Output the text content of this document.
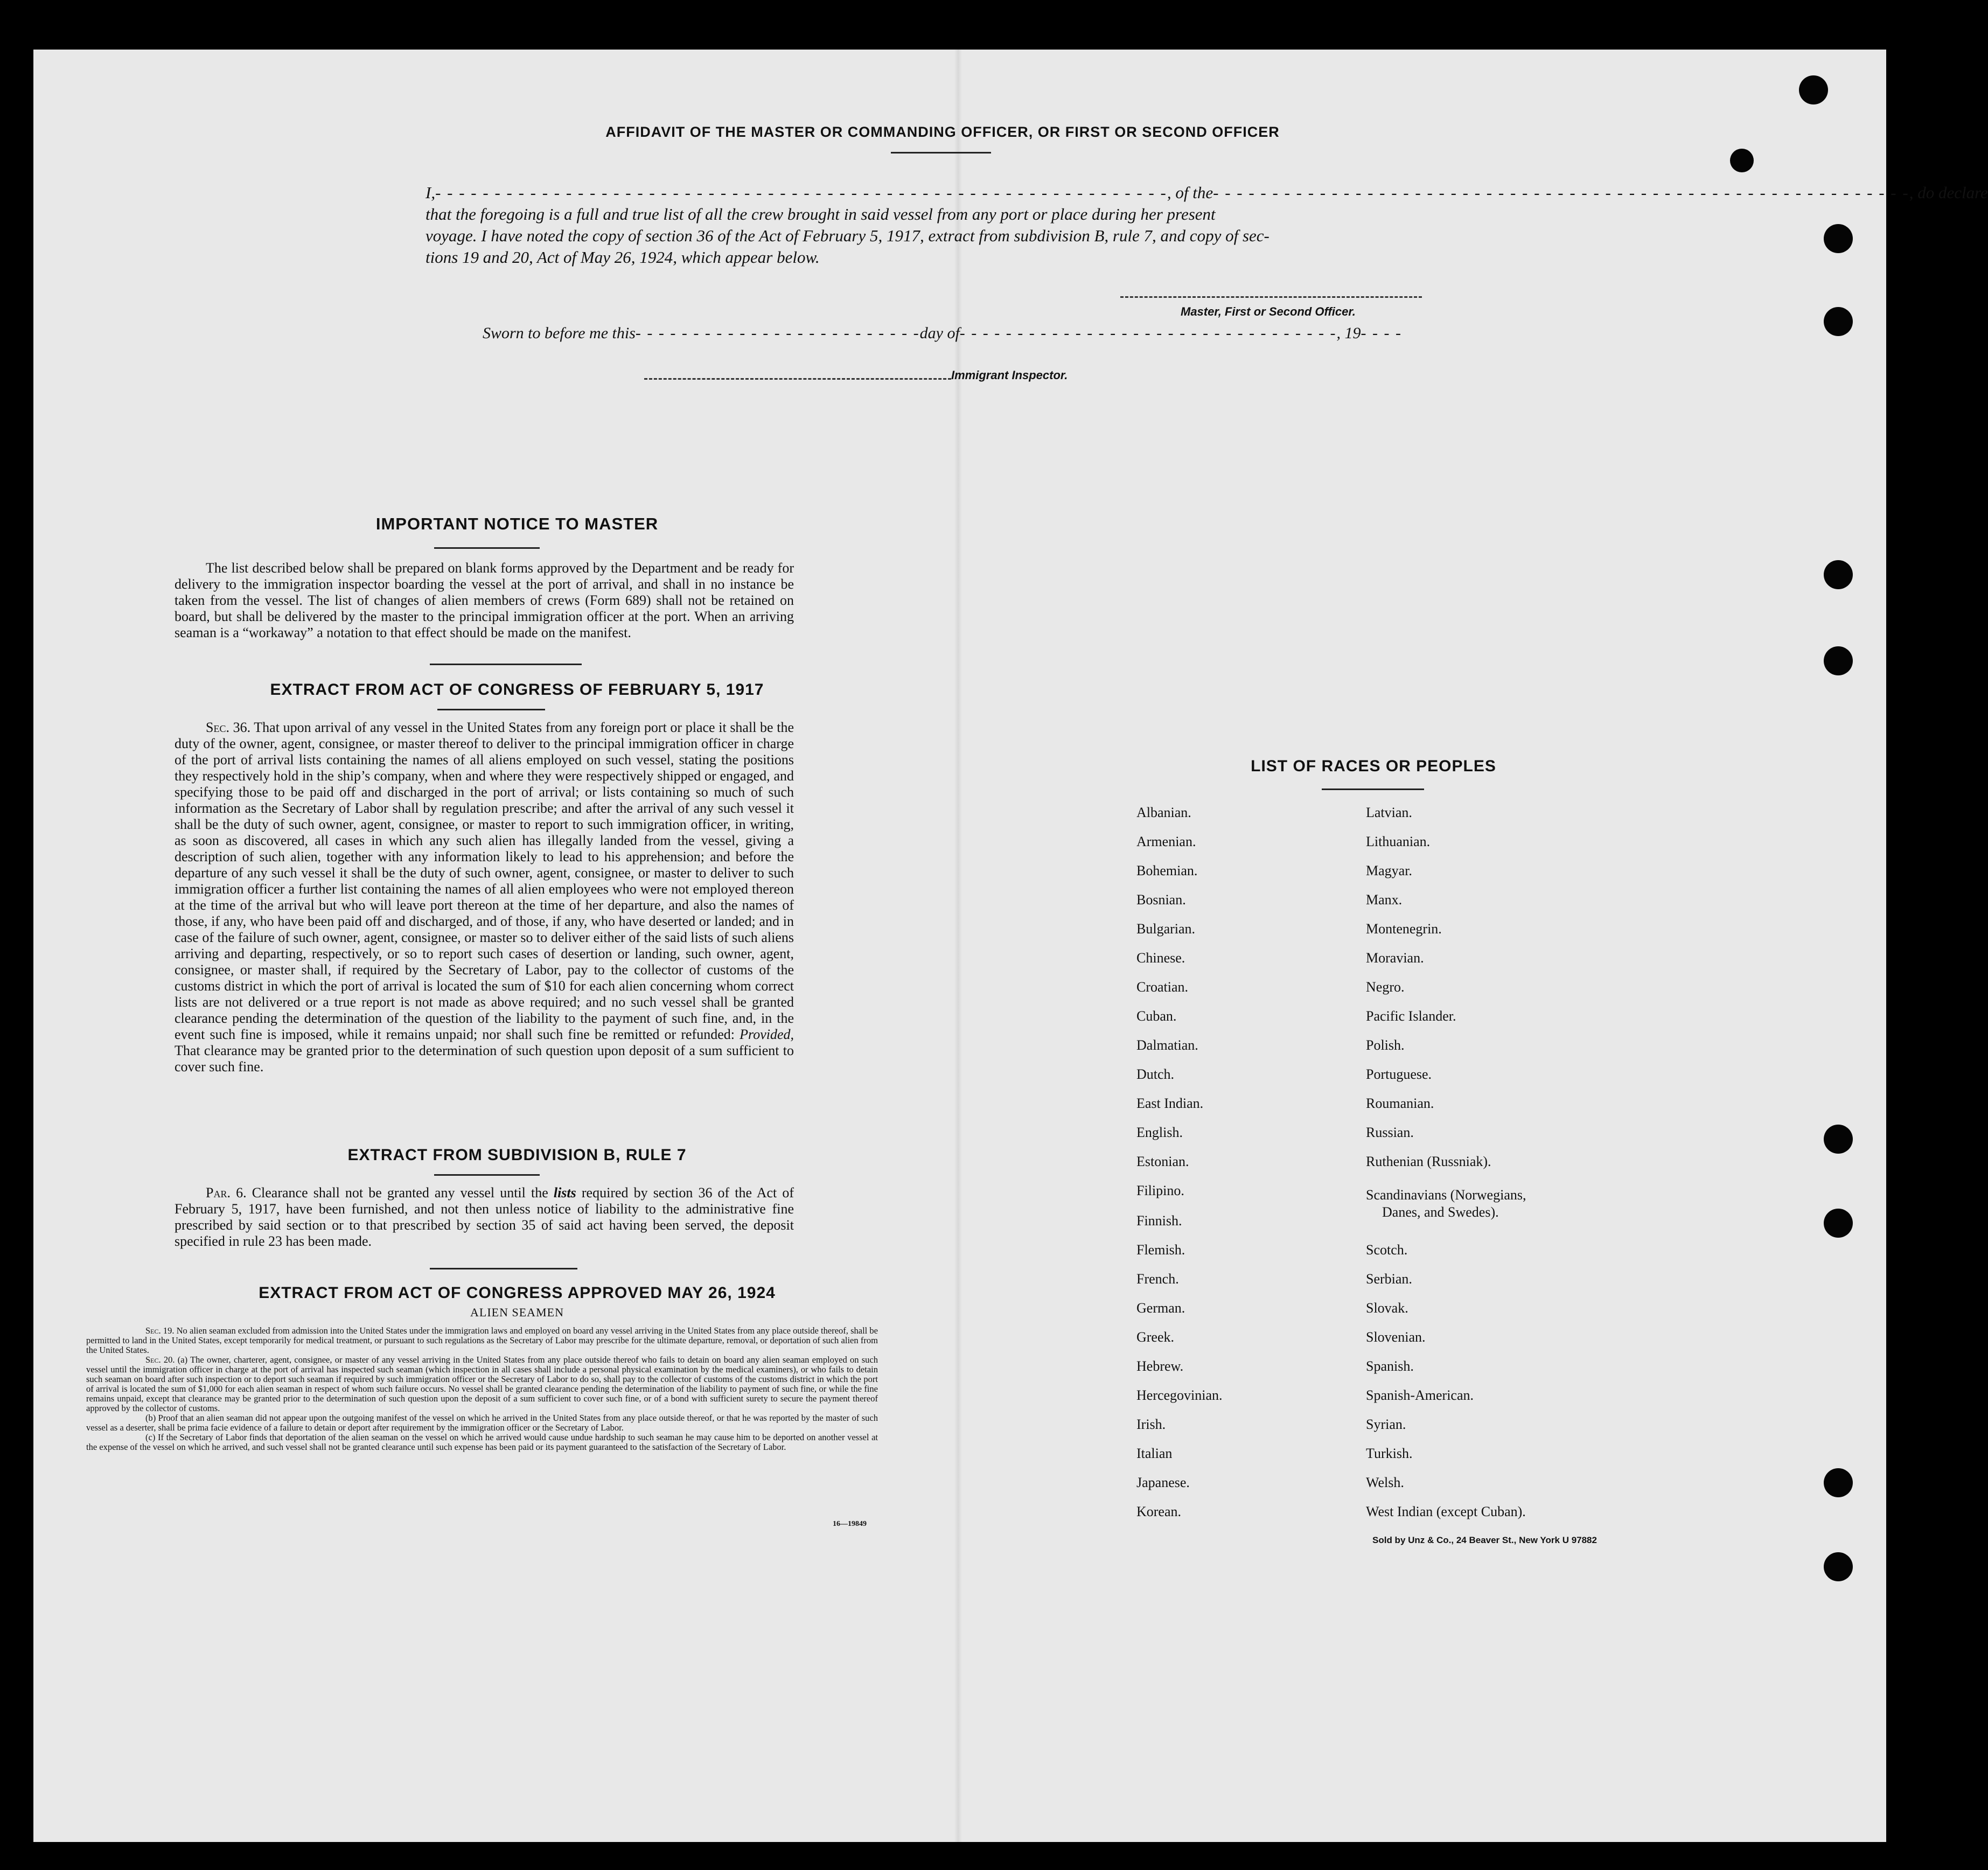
AFFIDAVIT OF THE MASTER OR COMMANDING OFFICER, OR FIRST OR SECOND OFFICER
I,- - - - - - - - - - - - - - - - - - - - - - - - - - - - - - - - - - - - - - - - - - - - - - - - - - - - - - - - - - - - - -, of the- - - - - - - - - - - - - - - - - - - - - - - - - - - - - - - - - - - - - - - - - - - - - - - - - - - - - - - - - - -, do declare
that the foregoing is a full and true list of all the crew brought in said vessel from any port or place during her present
voyage. I have noted the copy of section 36 of the Act of February 5, 1917, extract from subdivision B, rule 7, and copy of sec-
tions 19 and 20, Act of May 26, 1924, which appear below.
Master, First or Second Officer.
Sworn to before me this- - - - - - - - - - - - - - - - - - - - - - - - -day of- - - - - - - - - - - - - - - - - - - - - - - - - - - - - - - - -, 19- - - -
Immigrant Inspector.
IMPORTANT NOTICE TO MASTER
The list described below shall be prepared on blank forms approved by the Department and be ready for delivery to the immigration inspector boarding the vessel at the port of arrival, and shall in no instance be taken from the vessel. The list of changes of alien members of crews (Form 689) shall not be retained on board, but shall be delivered by the master to the principal immigration officer at the port. When an arriving seaman is a “workaway” a notation to that effect should be made on the manifest.
EXTRACT FROM ACT OF CONGRESS OF FEBRUARY 5, 1917
Sec. 36. That upon arrival of any vessel in the United States from any foreign port or place it shall be the duty of the owner, agent, consignee, or master thereof to deliver to the principal immigration officer in charge of the port of arrival lists containing the names of all aliens employed on such vessel, stating the positions they respectively hold in the ship’s company, when and where they were respectively shipped or engaged, and specifying those to be paid off and discharged in the port of arrival; or lists containing so much of such information as the Secretary of Labor shall by regulation prescribe; and after the arrival of any such vessel it shall be the duty of such owner, agent, consignee, or master to report to such immigration officer, in writing, as soon as discovered, all cases in which any such alien has illegally landed from the vessel, giving a description of such alien, together with any information likely to lead to his apprehension; and before the departure of any such vessel it shall be the duty of such owner, agent, consignee, or master to deliver to such immigration officer a further list containing the names of all alien employees who were not employed thereon at the time of the arrival but who will leave port thereon at the time of her departure, and also the names of those, if any, who have been paid off and discharged, and of those, if any, who have deserted or landed; and in case of the failure of such owner, agent, consignee, or master so to deliver either of the said lists of such aliens arriving and departing, respectively, or so to report such cases of desertion or landing, such owner, agent, consignee, or master shall, if required by the Secretary of Labor, pay to the collector of customs of the customs district in which the port of arrival is located the sum of $10 for each alien concerning whom correct lists are not delivered or a true report is not made as above required; and no such vessel shall be granted clearance pending the determination of the question of the liability to the payment of such fine, and, in the event such fine is imposed, while it remains unpaid; nor shall such fine be remitted or refunded: Provided, That clearance may be granted prior to the determination of such question upon deposit of a sum sufficient to cover such fine.
EXTRACT FROM SUBDIVISION B, RULE 7
Par. 6. Clearance shall not be granted any vessel until the lists required by section 36 of the Act of February 5, 1917, have been furnished, and not then unless notice of liability to the administrative fine prescribed by said section or to that prescribed by section 35 of said act having been served, the deposit specified in rule 23 has been made.
EXTRACT FROM ACT OF CONGRESS APPROVED MAY 26, 1924
ALIEN SEAMEN
Sec. 19. No alien seaman excluded from admission into the United States under the immigration laws and employed on board any vessel arriving in the United States from any place outside thereof, shall be permitted to land in the United States, except temporarily for medical treatment, or pursuant to such regulations as the Secretary of Labor may prescribe for the ultimate departure, removal, or deportation of such alien from the United States.
Sec. 20. (a) The owner, charterer, agent, consignee, or master of any vessel arriving in the United States from any place outside thereof who fails to detain on board any alien seaman employed on such vessel until the immigration officer in charge at the port of arrival has inspected such seaman (which inspection in all cases shall include a personal physical examination by the medical examiners), or who fails to detain such seaman on board after such inspection or to deport such seaman if required by such immigration officer or the Secretary of Labor to do so, shall pay to the collector of customs of the customs district in which the port of arrival is located the sum of $1,000 for each alien seaman in respect of whom such failure occurs. No vessel shall be granted clearance pending the determination of the liability to payment of such fine, or while the fine remains unpaid, except that clearance may be granted prior to the determination of such question upon the deposit of a sum sufficient to cover such fine, or of a bond with sufficient surety to secure the payment thereof approved by the collector of customs.
(b) Proof that an alien seaman did not appear upon the outgoing manifest of the vessel on which he arrived in the United States from any place outside thereof, or that he was reported by the master of such vessel as a deserter, shall be prima facie evidence of a failure to detain or deport after requirement by the immigration officer or the Secretary of Labor.
(c) If the Secretary of Labor finds that deportation of the alien seaman on the vessel on which he arrived would cause undue hardship to such seaman he may cause him to be deported on another vessel at the expense of the vessel on which he arrived, and such vessel shall not be granted clearance until such expense has been paid or its payment guaranteed to the satisfaction of the Secretary of Labor.
16—19849
LIST OF RACES OR PEOPLES
Albanian.
Armenian.
Bohemian.
Bosnian.
Bulgarian.
Chinese.
Croatian.
Cuban.
Dalmatian.
Dutch.
East Indian.
English.
Estonian.
Filipino.
Finnish.
Flemish.
French.
German.
Greek.
Hebrew.
Hercegovinian.
Irish.
Italian
Japanese.
Korean.
Latvian.
Lithuanian.
Magyar.
Manx.
Montenegrin.
Moravian.
Negro.
Pacific Islander.
Polish.
Portuguese.
Roumanian.
Russian.
Ruthenian (Russniak).
Scandinavians (Norwegians,
Danes, and Swedes).
Scotch.
Serbian.
Slovak.
Slovenian.
Spanish.
Spanish-American.
Syrian.
Turkish.
Welsh.
West Indian (except Cuban).
Sold by Unz & Co., 24 Beaver St., New York U 97882
